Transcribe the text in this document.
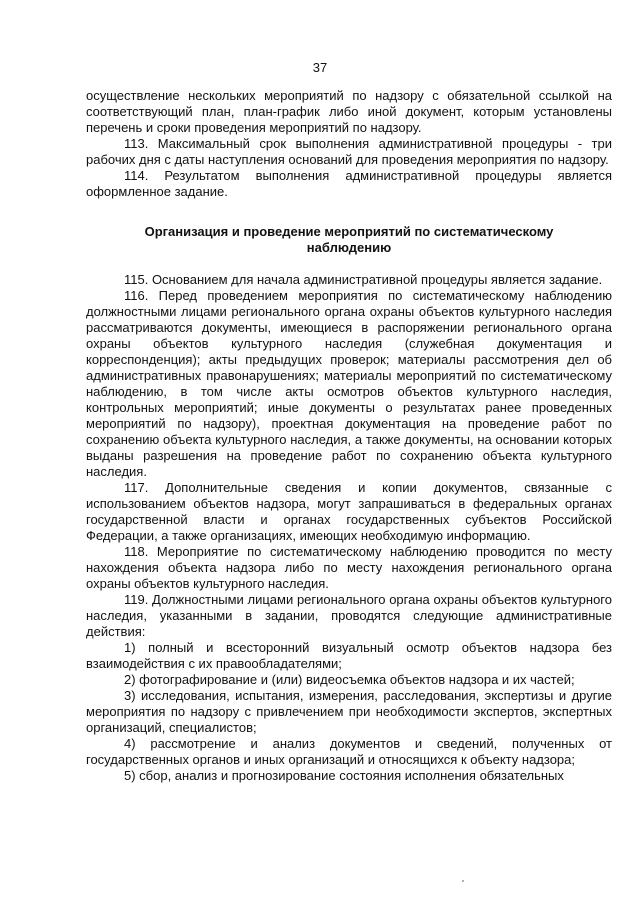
37

осуществление нескольких мероприятий по надзору с обязательной ссылкой на соответствующий план, план-график либо иной документ, которым установлены перечень и сроки проведения мероприятий по надзору.

113. Максимальный срок выполнения административной процедуры - три рабочих дня с даты наступления оснований для проведения мероприятия по надзору.

114. Результатом выполнения административной процедуры является оформленное задание.

Организация и проведение мероприятий по систематическому наблюдению

115. Основанием для начала административной процедуры является задание.

116. Перед проведением мероприятия по систематическому наблюдению должностными лицами регионального органа охраны объектов культурного наследия рассматриваются документы, имеющиеся в распоряжении регионального органа охраны объектов культурного наследия (служебная документация и корреспонденция); акты предыдущих проверок; материалы рассмотрения дел об административных правонарушениях; материалы мероприятий по систематическому наблюдению, в том числе акты осмотров объектов культурного наследия, контрольных мероприятий; иные документы о результатах ранее проведенных мероприятий по надзору), проектная документация на проведение работ по сохранению объекта культурного наследия, а также документы, на основании которых выданы разрешения на проведение работ по сохранению объекта культурного наследия.

117. Дополнительные сведения и копии документов, связанные с использованием объектов надзора, могут запрашиваться в федеральных органах государственной власти и органах государственных субъектов Российской Федерации, а также организациях, имеющих необходимую информацию.

118. Мероприятие по систематическому наблюдению проводится по месту нахождения объекта надзора либо по месту нахождения регионального органа охраны объектов культурного наследия.

119. Должностными лицами регионального органа охраны объектов культурного наследия, указанными в задании, проводятся следующие административные действия:

1) полный и всесторонний визуальный осмотр объектов надзора без взаимодействия с их правообладателями;

2) фотографирование и (или) видеосъемка объектов надзора и их частей;

3) исследования, испытания, измерения, расследования, экспертизы и другие мероприятия по надзору с привлечением при необходимости экспертов, экспертных организаций, специалистов;

4) рассмотрение и анализ документов и сведений, полученных от государственных органов и иных организаций и относящихся к объекту надзора;

5) сбор, анализ и прогнозирование состояния исполнения обязательных
